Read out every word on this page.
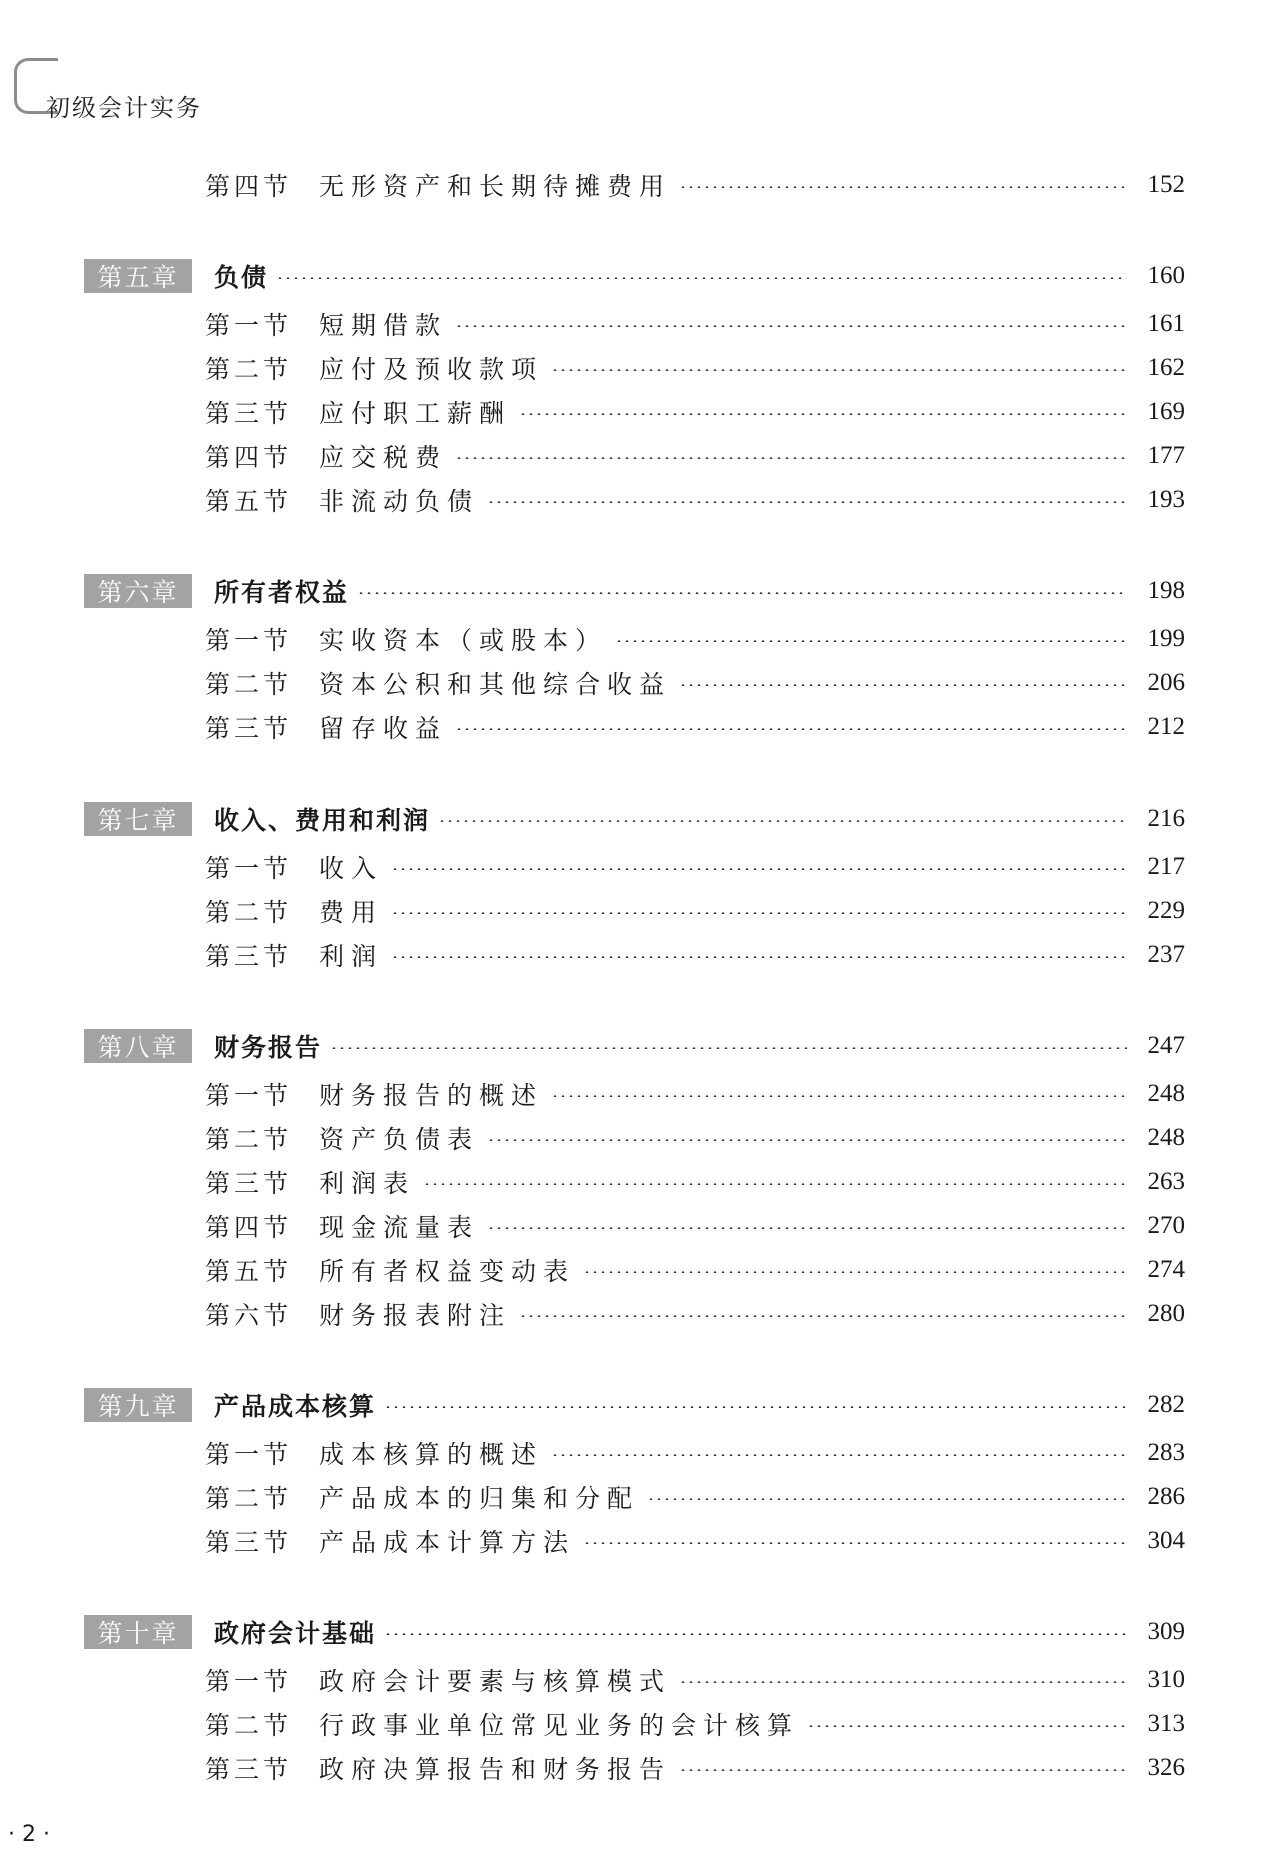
初级会计实务
第四节	无形资产和长期待摊费用	152
第五章	负债	160
第一节	短期借款	161
第二节	应付及预收款项	162
第三节	应付职工薪酬	169
第四节	应交税费	177
第五节	非流动负债	193
第六章	所有者权益	198
第一节	实收资本（或股本）	199
第二节	资本公积和其他综合收益	206
第三节	留存收益	212
第七章	收入、费用和利润	216
第一节	收入	217
第二节	费用	229
第三节	利润	237
第八章	财务报告	247
第一节	财务报告的概述	248
第二节	资产负债表	248
第三节	利润表	263
第四节	现金流量表	270
第五节	所有者权益变动表	274
第六节	财务报表附注	280
第九章	产品成本核算	282
第一节	成本核算的概述	283
第二节	产品成本的归集和分配	286
第三节	产品成本计算方法	304
第十章	政府会计基础	309
第一节	政府会计要素与核算模式	310
第二节	行政事业单位常见业务的会计核算	313
第三节	政府决算报告和财务报告	326
· 2 ·
